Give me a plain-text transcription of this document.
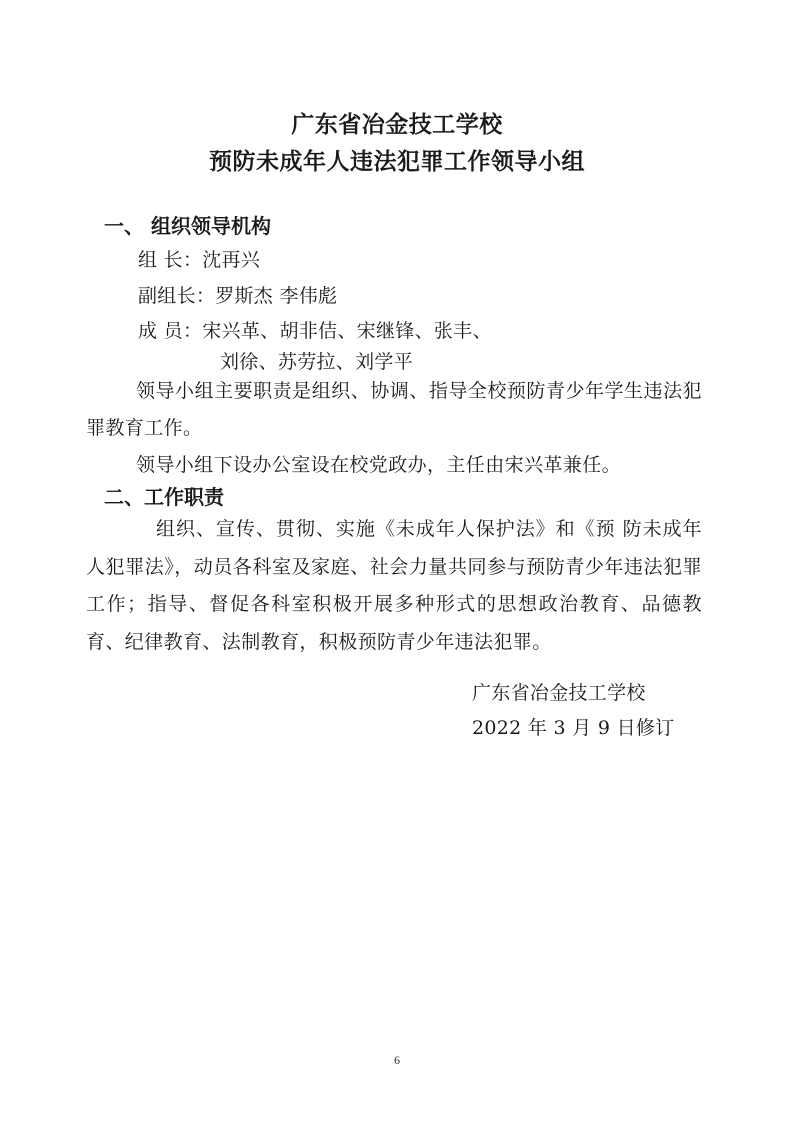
广东省冶金技工学校
预防未成年人违法犯罪工作领导小组
一、 组织领导机构
组 长：沈再兴
副组长：罗斯杰 李伟彪
成 员：宋兴革、胡非佶、宋继锋、张丰、
刘徐、苏劳拉、刘学平
领导小组主要职责是组织、协调、指导全校预防青少年学生违法犯罪教育工作。
领导小组下设办公室设在校党政办，主任由宋兴革兼任。
二、工作职责
组织、宣传、贯彻、实施《未成年人保护法》和《预 防未成年人犯罪法》，动员各科室及家庭、社会力量共同参与预防青少年违法犯罪工作；指导、督促各科室积极开展多种形式的思想政治教育、品德教育、纪律教育、法制教育，积极预防青少年违法犯罪。
广东省冶金技工学校
2022 年 3 月 9 日修订
6
